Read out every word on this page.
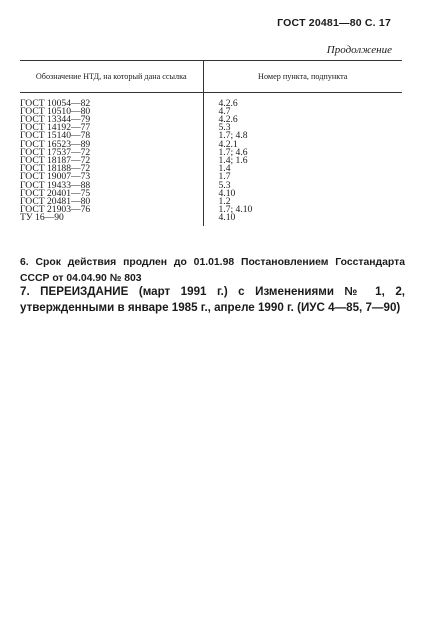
ГОСТ 20481—80 С. 17
Продолжение
Обозначение НТД, на который дана ссылка	Номер пункта, подпункта

ГОСТ 10054—82	4.2.6
ГОСТ 10510—80	4.7
ГОСТ 13344—79	4.2.6
ГОСТ 14192—77	5.3
ГОСТ 15140—78	1.7; 4.8
ГОСТ 16523—89	4.2.1
ГОСТ 17537—72	1.7; 4.6
ГОСТ 18187—72	1.4; 1.6
ГОСТ 18188—72	1.4
ГОСТ 19007—73	1.7
ГОСТ 19433—88	5.3
ГОСТ 20401—75	4.10
ГОСТ 20481—80	1.2
ГОСТ 21903—76	1.7; 4.10
ТУ 16—90	4.10

6. Срок действия продлен до 01.01.98 Постановлением Госстандарта СССР от 04.04.90 № 803

7. ПЕРЕИЗДАНИЕ (март 1991 г.) с Изменениями № 1, 2, утвержденными в январе 1985 г., апреле 1990 г. (ИУС 4—85, 7—90)
